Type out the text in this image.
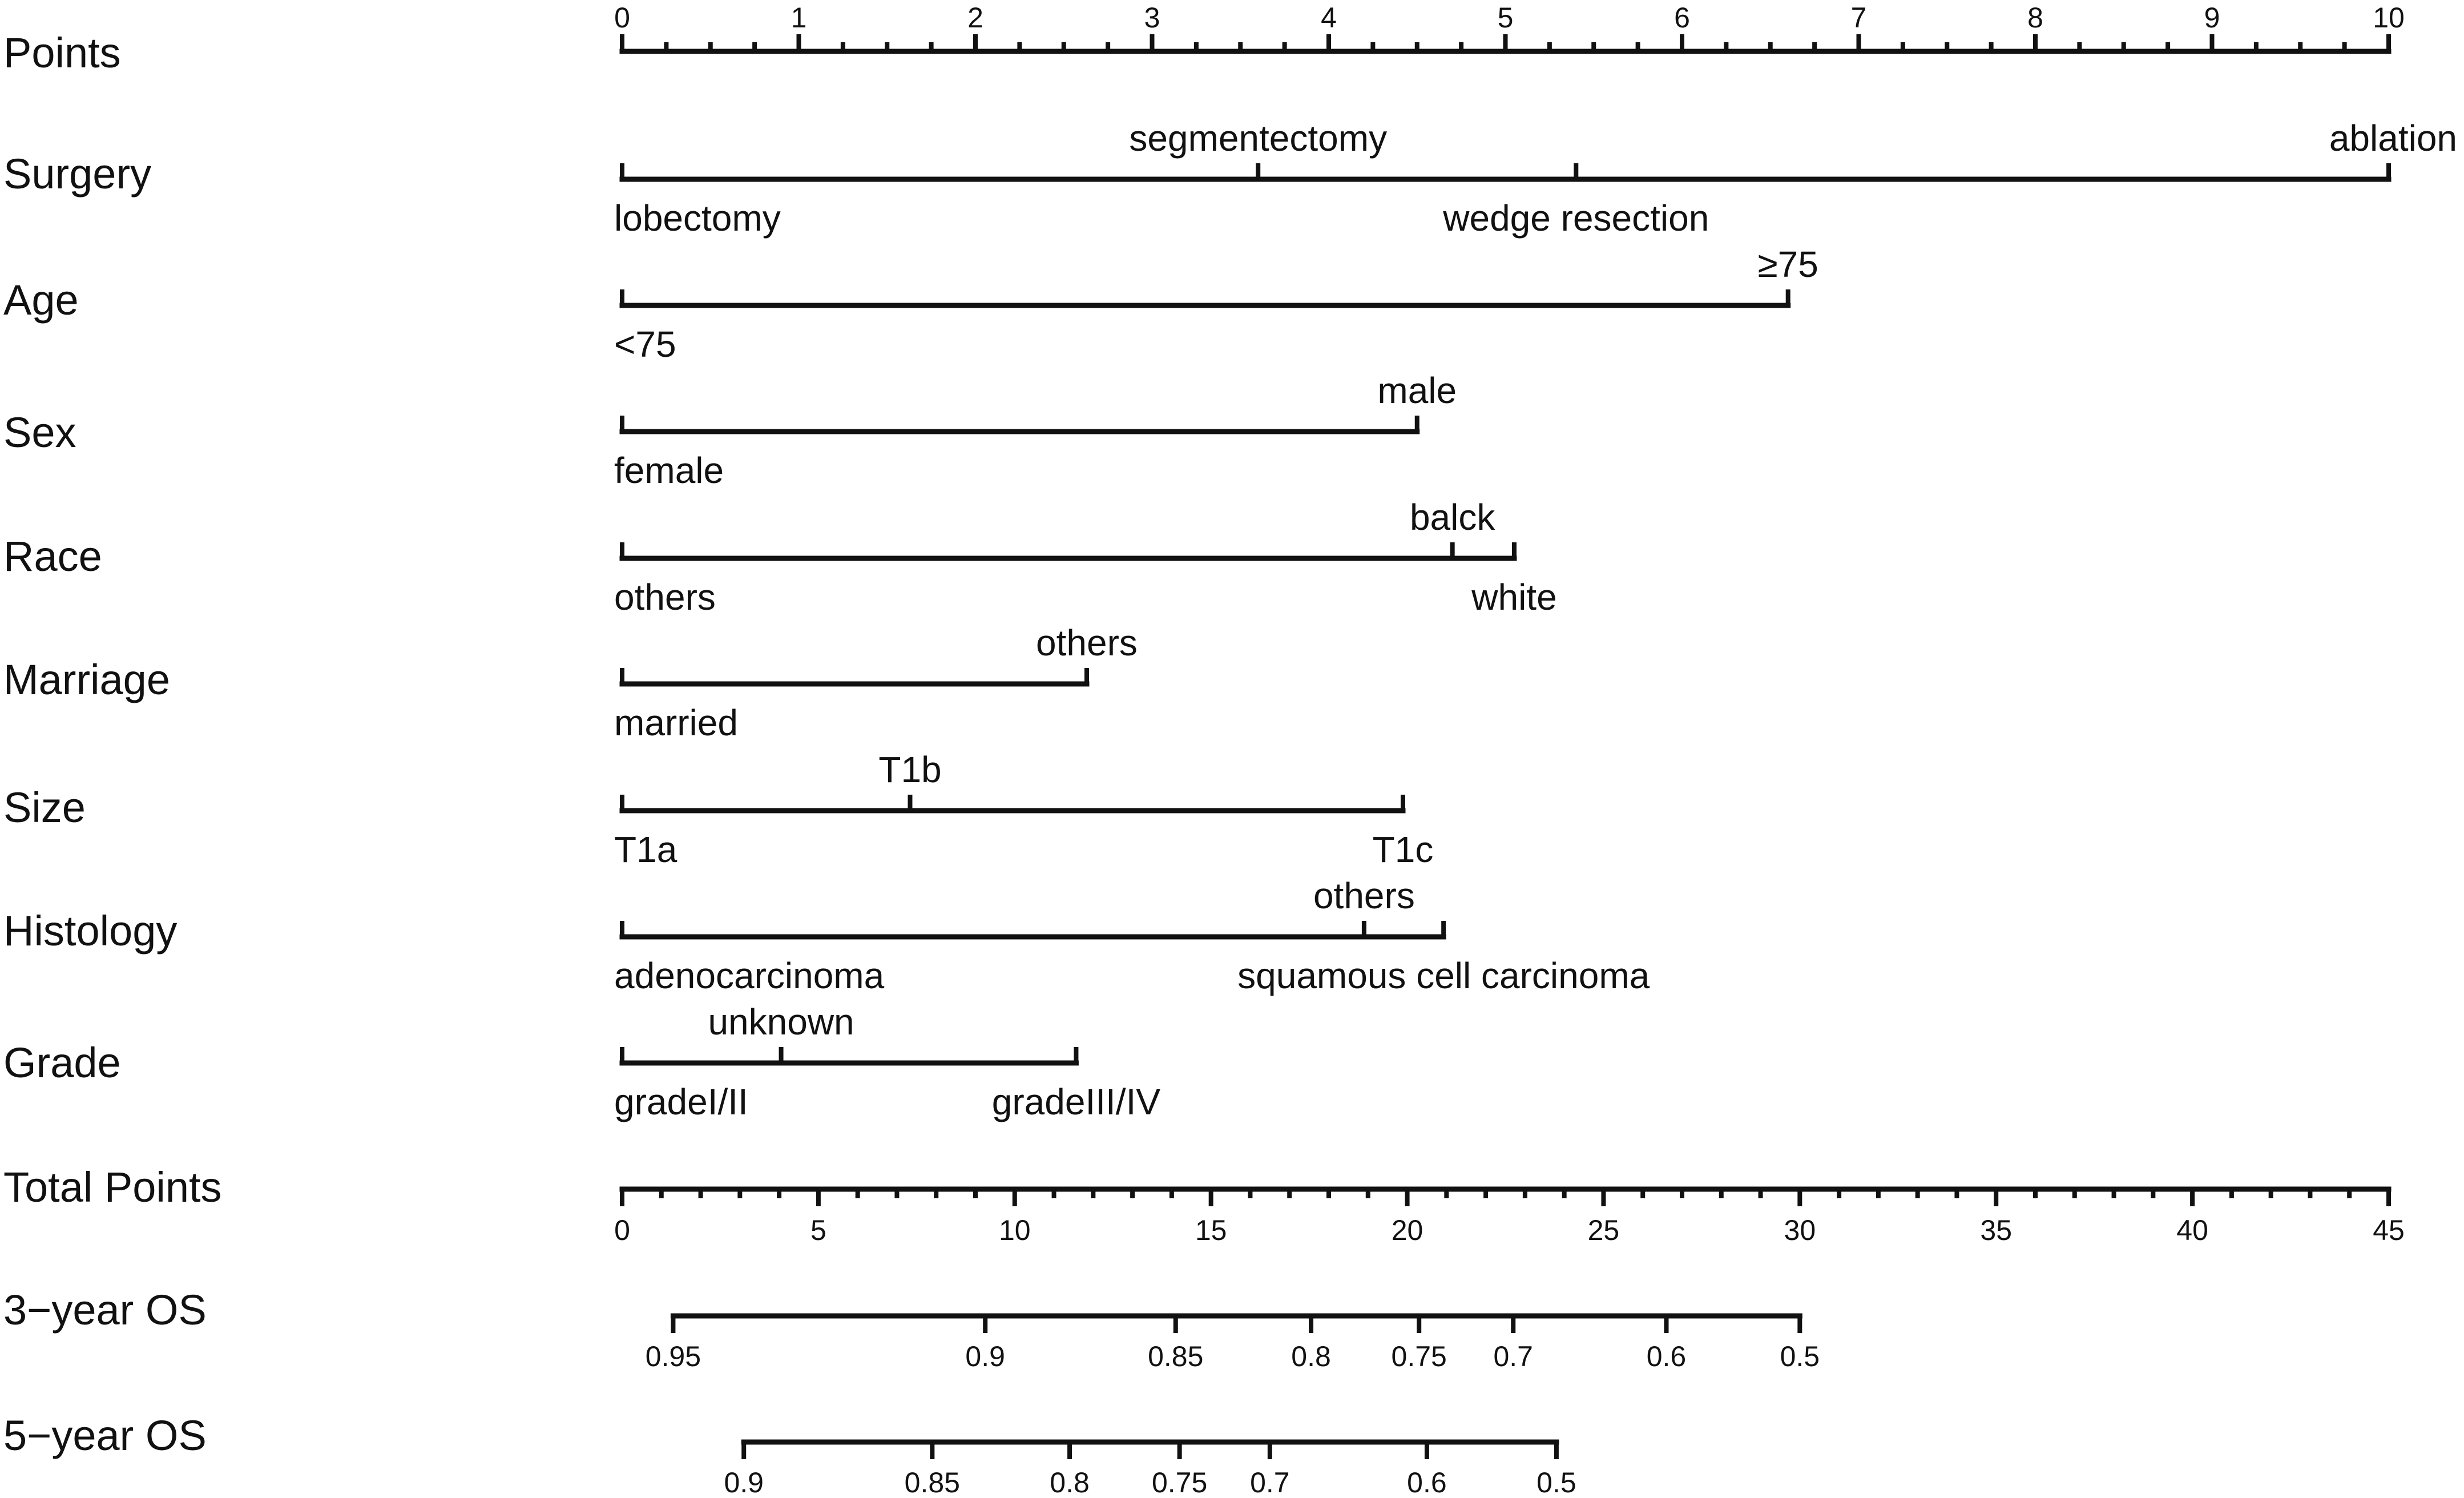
Points
Surgery
Age
Sex
Race
Marriage
Size
Histology
Grade
Total Points
3−year OS
5−year OS
0	1	2	3	4	5	6	7	8	9	10
lobectomy
segmentectomy
wedge resection
ablation
<75
≥75
female
male
others
balck
white
married
others
T1a
T1b
T1c
adenocarcinoma
others
squamous cell carcinoma
gradeI/II
unknown
gradeIII/IV
0	5	10	15	20	25	30	35	40	45
0.95	0.9	0.85	0.8 0.75 0.7	0.6	0.5
0.9	0.85	0.8 0.75 0.7	0.6	0.5
